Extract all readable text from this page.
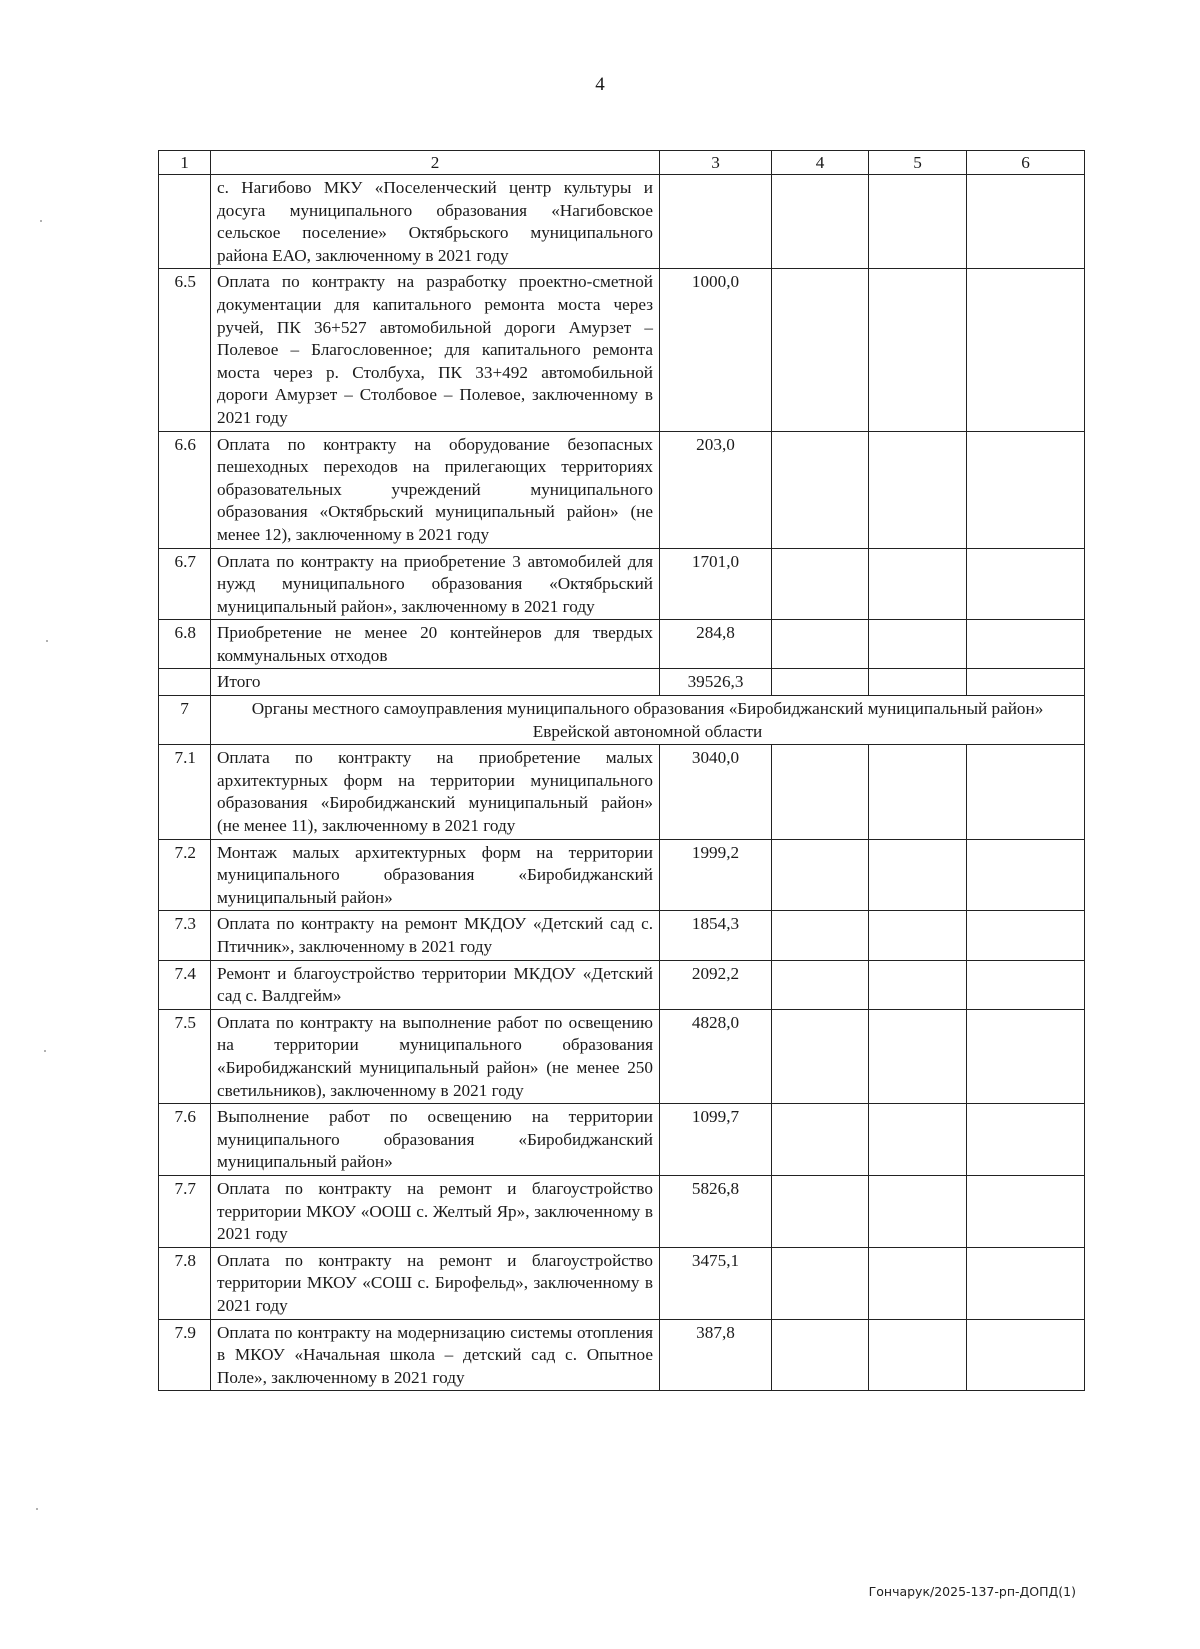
4
1	2	3	4	5	6
	с. Нагибово МКУ «Поселенческий центр культуры и досуга муниципального образования «Нагибовское сельское поселение» Октябрьского муниципального района ЕАО, заключенному в 2021 году				
6.5	Оплата по контракту на разработку проектно-сметной документации для капитального ремонта моста через ручей, ПК 36+527 автомобильной дороги Амурзет – Полевое – Благословенное; для капитального ремонта моста через р. Столбуха, ПК 33+492 автомобильной дороги Амурзет – Столбовое – Полевое, заключенному в 2021 году	1000,0			
6.6	Оплата по контракту на оборудование безопасных пешеходных переходов на прилегающих территориях образовательных учреждений муниципального образования «Октябрьский муниципальный район» (не менее 12), заключенному в 2021 году	203,0			
6.7	Оплата по контракту на приобретение 3 автомобилей для нужд муниципального образования «Октябрьский муниципальный район», заключенному в 2021 году	1701,0			
6.8	Приобретение не менее 20 контейнеров для твердых коммунальных отходов	284,8			
	Итого	39526,3			
7	Органы местного самоуправления муниципального образования «Биробиджанский муниципальный район» Еврейской автономной области				
7.1	Оплата по контракту на приобретение малых архитектурных форм на территории муниципального образования «Биробиджанский муниципальный район» (не менее 11), заключенному в 2021 году	3040,0			
7.2	Монтаж малых архитектурных форм на территории муниципального образования «Биробиджанский муниципальный район»	1999,2			
7.3	Оплата по контракту на ремонт МКДОУ «Детский сад с. Птичник», заключенному в 2021 году	1854,3			
7.4	Ремонт и благоустройство территории МКДОУ «Детский сад с. Валдгейм»	2092,2			
7.5	Оплата по контракту на выполнение работ по освещению на территории муниципального образования «Биробиджанский муниципальный район» (не менее 250 светильников), заключенному в 2021 году	4828,0			
7.6	Выполнение работ по освещению на территории муниципального образования «Биробиджанский муниципальный район»	1099,7			
7.7	Оплата по контракту на ремонт и благоустройство территории МКОУ «ООШ с. Желтый Яр», заключенному в 2021 году	5826,8			
7.8	Оплата по контракту на ремонт и благоустройство территории МКОУ «СОШ с. Бирофельд», заключенному в 2021 году	3475,1			
7.9	Оплата по контракту на модернизацию системы отопления в МКОУ «Начальная школа – детский сад с. Опытное Поле», заключенному в 2021 году	387,8			
Гончарук/2025-137-рп-ДОПД(1)
